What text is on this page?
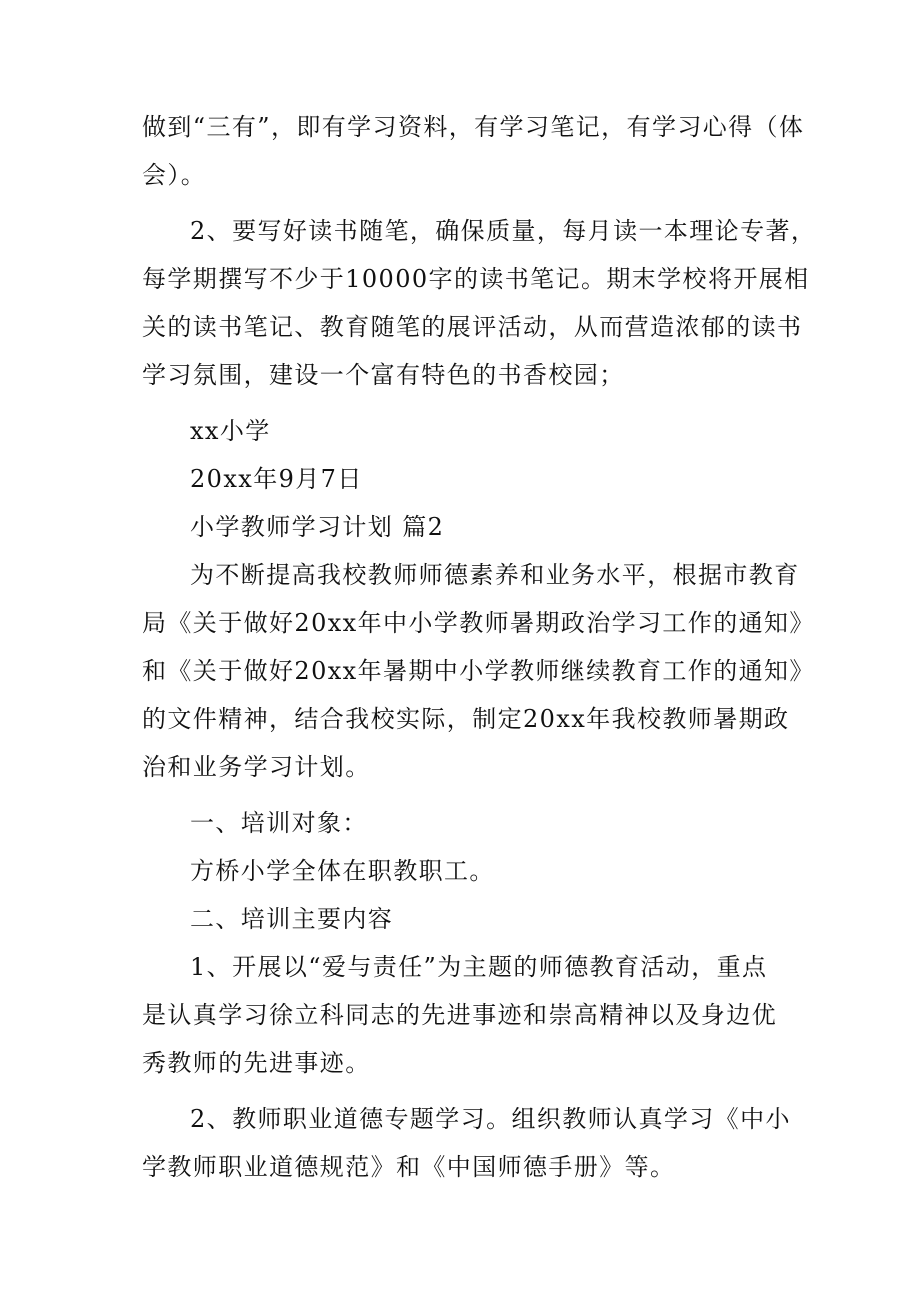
做到“三有”，即有学习资料，有学习笔记，有学习心得（体
会）。
2、要写好读书随笔，确保质量，每月读一本理论专著，
每学期撰写不少于10000字的读书笔记。期末学校将开展相
关的读书笔记、教育随笔的展评活动，从而营造浓郁的读书
学习氛围，建设一个富有特色的书香校园；
xx小学
20xx年9月7日
小学教师学习计划 篇2
为不断提高我校教师师德素养和业务水平，根据市教育
局《关于做好20xx年中小学教师暑期政治学习工作的通知》
和《关于做好20xx年暑期中小学教师继续教育工作的通知》
的文件精神，结合我校实际，制定20xx年我校教师暑期政
治和业务学习计划。
一、培训对象：
方桥小学全体在职教职工。
二、培训主要内容
1、开展以“爱与责任”为主题的师德教育活动，重点
是认真学习徐立科同志的先进事迹和崇高精神以及身边优
秀教师的先进事迹。
2、教师职业道德专题学习。组织教师认真学习《中小
学教师职业道德规范》和《中国师德手册》等。
